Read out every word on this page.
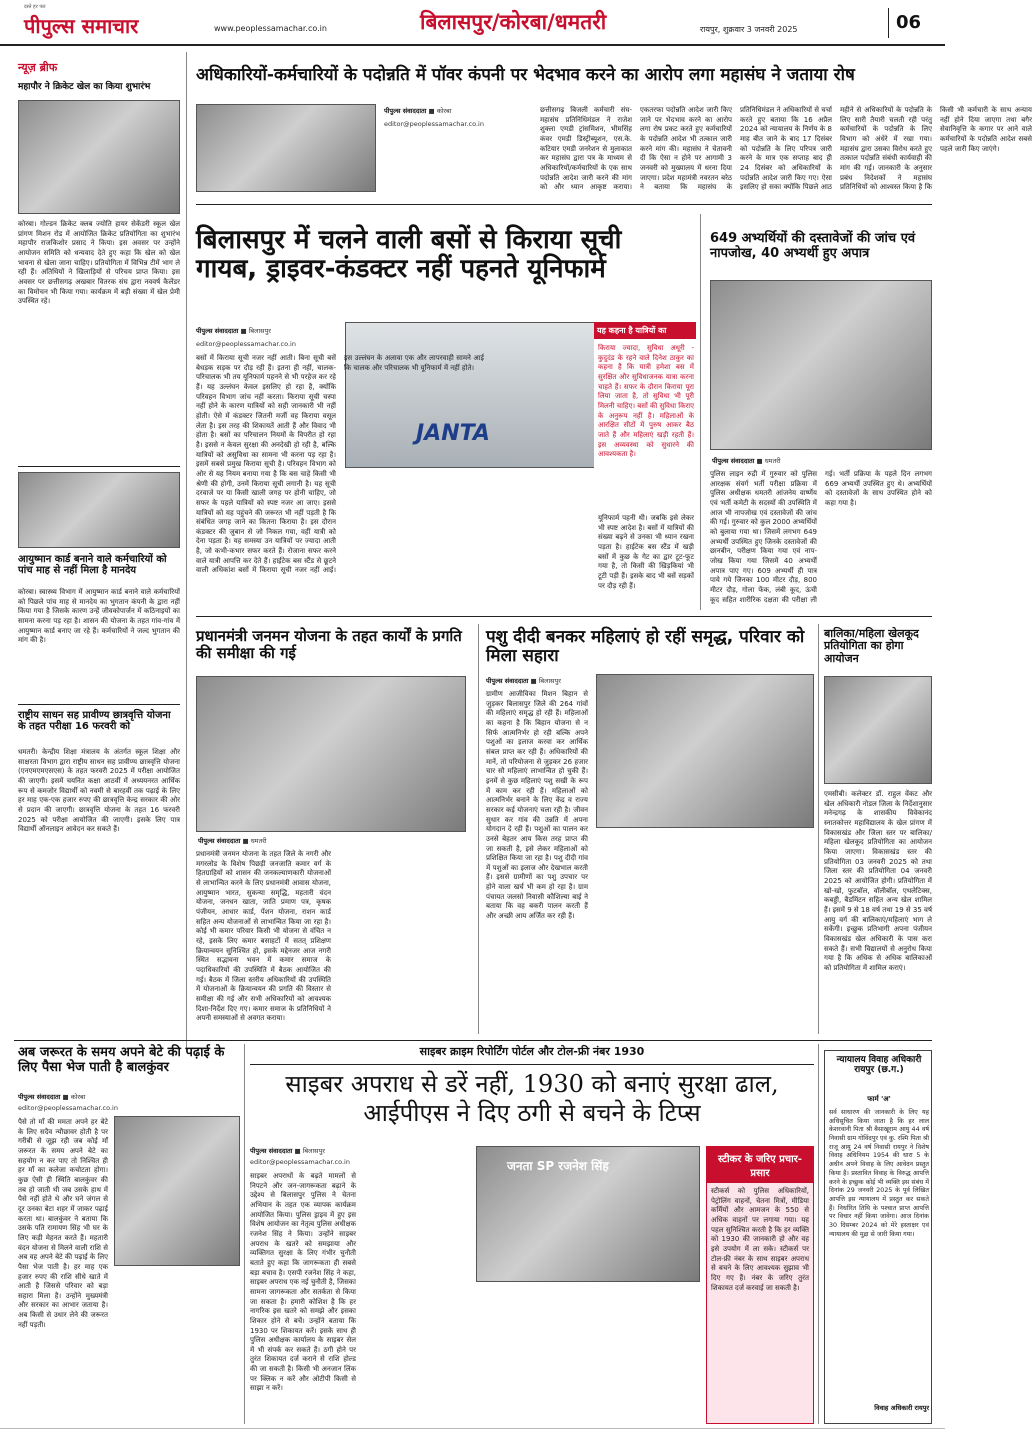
दस्ते हर पल
पीपुल्स समाचार	www.peoplessamachar.co.in	बिलासपुर/कोरबा/धमतरी	रायपुर, शुक्रवार 3 जनवरी 2025	06
न्यूज़ ब्रीफ
महापौर ने क्रिकेट खेल का किया शुभारंभ
कोरबा। गोल्डन क्रिकेट क्लब ज्योति हायर सेकेंडरी स्कूल खेल प्रांगण मिशन रोड में आयोजित क्रिकेट प्रतियोगिता का शुभारंभ महापौर राजकिशोर प्रसाद ने किया। इस अवसर पर उन्होंने आयोजन समिति को धन्यवाद देते हुए कहा कि खेल को खेल भावना से खेला जाना चाहिए। प्रतियोगिता में विभिन्न टीमें भाग ले रही हैं। अतिथियों ने खिलाड़ियों से परिचय प्राप्त किया। इस अवसर पर छत्तीसगढ़ अखबार वितरक संघ द्वारा नववर्ष कैलेंडर का विमोचन भी किया गया। कार्यक्रम में बड़ी संख्या में खेल प्रेमी उपस्थित रहे।
आयुष्मान कार्ड बनाने वाले कर्मचारियों को पांच माह से नहीं मिला है मानदेय
कोरबा। स्वास्थ्य विभाग में आयुष्मान कार्ड बनाने वाले कर्मचारियों को पिछले पांच माह से मानदेय का भुगतान कंपनी के द्वारा नहीं किया गया है जिसके कारण उन्हें जीवकोपार्जन में कठिनाइयों का सामना करना पड़ रहा है। शासन की योजना के तहत गांव-गांव में आयुष्मान कार्ड बनाए जा रहे हैं। कर्मचारियों ने जल्द भुगतान की मांग की है।
राष्ट्रीय साधन सह प्रावीण्य छात्रवृत्ति योजना के तहत परीक्षा 16 फरवरी को
धमतरी। केन्द्रीय शिक्षा मंत्रालय के अंतर्गत स्कूल शिक्षा और साक्षरता विभाग द्वारा राष्ट्रीय साधन सह प्रावीण्य छात्रवृत्ति योजना (एनएमएमएसएस) के तहत फरवरी 2025 में परीक्षा आयोजित की जाएगी। इसमें चयनित कक्षा आठवीं में अध्ययनरत आर्थिक रूप से कमजोर विद्यार्थी को नवमी से बारहवीं तक पढ़ाई के लिए हर माह एक-एक हजार रुपए की छात्रवृत्ति केन्द्र सरकार की ओर से प्रदान की जाएगी। छात्रवृत्ति योजना के तहत 16 फरवरी 2025 को परीक्षा आयोजित की जाएगी। इसके लिए पात्र विद्यार्थी ऑनलाइन आवेदन कर सकते हैं।
अधिकारियों-कर्मचारियों के पदोन्नति में पॉवर कंपनी पर भेदभाव करने का आरोप लगा महासंघ ने जताया रोष
पीपुल्स संवाददाता ■ कोरबा
editor@peoplessamachar.co.in
छत्तीसगढ़ बिजली कर्मचारी संघ-महासंघ प्रतिनिधिमंडल ने राजेश शुक्ला एमडी ट्रांसमिशन, भीमसिंह कंवर एमडी डिस्ट्रीब्यूशन, एस.के. कटियार एमडी जनरेशन से मुलाकात कर महासंघ द्वारा पत्र के माध्यम से अधिकारियों/कर्मचारियों के एक साथ पदोन्नति आदेश जारी करने की मांग को और ध्यान आकृष्ट कराया। एकतरफा पदोन्नति आदेश जारी किए जाने पर भेदभाव करने का आरोप लगा रोष प्रकट करते हुए कर्मचारियों के पदोन्नति आदेश भी तत्काल जारी करने मांग की। महासंघ ने चेतावनी दी कि ऐसा न होने पर आगामी 3 जनवरी को मुख्यालय में धरना दिया जाएगा। प्रदेश महामंत्री नवरतन बरेठ ने बताया कि महासंघ के प्रतिनिधिमंडल ने अधिकारियों से चर्चा करते हुए बताया कि 16 अप्रैल 2024 को न्यायालय के निर्णय के 8 माह बीत जाने के बाद 17 दिसंबर को पदोन्नति के लिए परिपत्र जारी करने के मात्र एक सप्ताह बाद ही 24 दिसंबर को अधिकारियों के पदोन्नति आदेश जारी किए गए। ऐसा इसलिए हो सका क्योंकि पिछले आठ महीने से अधिकारियों के पदोन्नति के लिए सारी तैयारी चलती रही परंतु कर्मचारियों के पदोन्नति के लिए विभाग को अंधेरे में रखा गया। महासंघ द्वारा उसका विरोध करते हुए तत्काल पदोन्नति संबंधी कार्यवाही की मांग की गई। जानकारी के अनुसार प्रबंध निदेशकों ने महासंघ प्रतिनिधियों को आश्वस्त किया है कि किसी भी कर्मचारी के साथ अन्याय नहीं होने दिया जाएगा तथा बगैर सेवानिवृत्ति के कगार पर आने वाले कर्मचारियों के पदोन्नति आदेश सबसे पहले जारी किए जाएंगे।
बिलासपुर में चलने वाली बसों से किराया सूची गायब, ड्राइवर-कंडक्टर नहीं पहनते यूनिफार्म
पीपुल्स संवाददाता ■ बिलासपुर
editor@peoplessamachar.co.in
JANTA
बसों में किराया सूची नजर नहीं आती। बिना सूची बसें बेधड़क सड़क पर दौड़ रही हैं। इतना ही नहीं, चालक-परिचालक भी तय यूनिफार्म पहनने से भी परहेज कर रहे हैं। यह उल्लंघन केवल इसलिए हो रहा है, क्योंकि परिवहन विभाग जांच नहीं करता। किराया सूची चस्पा नहीं होने के कारण यात्रियों को सही जानकारी भी नहीं होती। ऐसे में कंडक्टर जितनी मर्जी वह किराया वसूल लेता है। इस तरह की शिकायतें आती हैं और विवाद भी होता है। बसों का परिचालन नियमों के विपरीत हो रहा है। इससे न केवल सुरक्षा की अनदेखी हो रही है, बल्कि यात्रियों को असुविधा का सामना भी करना पड़ रहा है। इसमें सबसे प्रमुख किराया सूची है। परिवहन विभाग को ओर से यह नियम बनाया गया है कि बस चाहे किसी भी श्रेणी की होगी, उनमें किराया सूची लगानी है। यह सूची दरवाजे पर या किसी खाली जगह पर होनी चाहिए, जो सफर के पहले यात्रियों को स्पष्ट नजर आ जाए। इससे यात्रियों को यह पहुंचने की जरूरत भी नहीं पड़ती है कि संबंधित जगह जाने का कितना किराया है। इस दौरान कंडक्टर की जुबान से जो निकल गया, वहीं यात्री को देना पड़ता है। यह समस्या उन यात्रियों पर ज्यादा आती है, जो कभी-कभार सफर करते हैं। रोजाना सफर करने वाले यात्री आपत्ति कर देते हैं। हाईटेक बस स्टैंड से छूटने वाली अधिकांश बसों में किराया सूची नजर नहीं आई।
यह कहना है यात्रियों का
किराया ज्यादा, सुविधा अधूरी - कुदुदंड के रहने वाले दिनेश ठाकुर का कहना है कि यात्री हमेशा बस में सुरक्षित और सुविधाजनक यात्रा करना चाहते हैं। सफर के दौरान किराया पूरा लिया जाता है, तो सुविधा भी पूरी मिलनी चाहिए। बसों की सुविधा किराए के अनुरूप नहीं है। महिलाओं के आरक्षित सीटों में पुरुष आकर बैठ जाते हैं और महिलाएं खड़ी रहती हैं। इस अव्यवस्था को सुधारने की आवश्यकता है।
यूनिफार्म पहनी थी। जबकि इसे लेकर भी स्पष्ट आदेश है। बसों में यात्रियों की संख्या बढ़ने से उनका भी ध्यान रखना पड़ता है। हाईटेक बस स्टैंड में खड़ी बसों में कुछ के गेट का द्वार टूट-फूट गया है, तो किसी की खिड़कियां भी टूटी पड़ी हैं। इसके बाद भी बसें सड़कों पर दौड़ रही हैं।
649 अभ्यर्थियों की दस्तावेजों की जांच एवं नापजोख, 40 अभ्यर्थी हुए अपात्र
पीपुल्स संवाददाता ■ धमतरी
पुलिस लाइन रुद्री में गुरुवार को पुलिस आरक्षक संवर्ग भर्ती परीक्षा प्रक्रिया में पुलिस अधीक्षक धमतरी आंजनेय वार्ष्णेय एवं भर्ती कमेटी के सदस्यों की उपस्थिति में आज भी नापजोख एवं दस्तावेजों की जांच की गई। गुरुवार को कुल 2000 अभ्यर्थियों को बुलाया गया था। जिसमें लगभग 649 अभ्यर्थी उपस्थित हुए जिनके दस्तावेजों की छानबीन, परीक्षण किया गया एवं नाप-जोख किया गया जिसमें 40 अभ्यर्थी अपात्र पाए गए। 609 अभ्यर्थी ही पात्र पाये गये जिनका 100 मीटर दौड़, 800 मीटर दौड़, गोला फेंक, लंबी कूद, ऊंची कूद सहित शारीरिक दक्षता की परीक्षा ली गई। भर्ती प्रक्रिया के पहले दिन लगभग 669 अभ्यर्थी उपस्थित हुए थे। अभ्यर्थियों को दस्तावेजों के साथ उपस्थित होने को कहा गया है।
प्रधानमंत्री जनमन योजना के तहत कार्यों के प्रगति की समीक्षा की गई
पीपुल्स संवाददाता ■ धमतरी
प्रधानमंत्री जनमन योजना के तहत जिले के नगरी और मगरलोड के विशेष पिछड़ी जनजाति कमार वर्ग के हितग्राहियों को शासन की जनकल्याणकारी योजनाओं से लाभान्वित करने के लिए प्रधानमंत्री आवास योजना, आयुष्मान भारत, सुकन्या समृद्धि, महतारी वंदन योजना, जनधन खाता, जाति प्रमाण पत्र, कृषक पंजीयन, आधार कार्ड, पेंशन योजना, राशन कार्ड सहित अन्य योजनाओं से लाभान्वित किया जा रहा है। कोई भी कमार परिवार किसी भी योजना से वंचित न रहे, इसके लिए कमार बसाहटों में सतत् प्रशिक्षण क्रियान्वयन सुनिश्चित हो, इसके मद्देनजर आज नगरी स्थित सद्भावना भवन में कमार समाज के पदाधिकारियों की उपस्थिति में बैठक आयोजित की गई। बैठक में जिला स्तरीय अधिकारियों की उपस्थिति में योजनाओं के क्रियान्वयन की प्रगति की विस्तार से समीक्षा की गई और सभी अधिकारियों को आवश्यक दिशा-निर्देश दिए गए। कमार समाज के प्रतिनिधियों ने अपनी समस्याओं से अवगत कराया।
पशु दीदी बनकर महिलाएं हो रहीं समृद्ध, परिवार को मिला सहारा
पीपुल्स संवाददाता ■ बिलासपुर
ग्रामीण आजीविका मिशन बिहान से जुड़कर बिलासपुर जिले की 264 गांवों की महिलाएं समृद्ध हो रही हैं। महिलाओं का कहना है कि बिहान योजना से न सिर्फ आत्मनिर्भर हो रही बल्कि अपने पशुओं का इलाज करवा कर आर्थिक संबल प्राप्त कर रही हैं। अधिकारियों की मानें, तो परियोजना से जुड़कर 26 हजार चार सौ महिलाएं लाभान्वित हो चुकी हैं। इनमें से कुछ महिलाएं पशु सखी के रूप में काम कर रही हैं। महिलाओं को आत्मनिर्भर बनाने के लिए केंद्र व राज्य सरकार कई योजनाएं चला रही है। जीवन सुधार कर गांव की उन्नति में अपना योगदान दे रही हैं। पशुओं का पालन कर उनसे बेहतर आय किस तरह प्राप्त की जा सकती है, इसे लेकर महिलाओं को प्रशिक्षित किया जा रहा है। पशु दीदी गांव में पशुओं का इलाज और देखभाल करती हैं। इससे ग्रामीणों का पशु उपचार पर होने वाला खर्च भी कम हो रहा है। ग्राम पंचायत जलसो निवासी कौशिल्या बाई ने बताया कि वह बकरी पालन करती हैं और अच्छी आय अर्जित कर रही हैं।
बालिका/महिला खेलकूद प्रतियोगिता का होगा आयोजन
एमसीबी। कलेक्टर डॉ. राहुल वेंकट और खेल अधिकारी नोडल जिला के निर्देशानुसार मनेन्द्रगढ़ के शासकीय विवेकानंद स्नातकोत्तर महाविद्यालय के खेल प्रांगण में विकासखंड और जिला स्तर पर बालिका/महिला खेलकूद प्रतियोगिता का आयोजन किया जाएगा। विकासखंड स्तर की प्रतियोगिता 03 जनवरी 2025 को तथा जिला स्तर की प्रतियोगिता 04 जनवरी 2025 को आयोजित होगी। प्रतियोगिता में खो-खो, फुटबॉल, वॉलीबॉल, एथलेटिक्स, कबड्डी, बैडमिंटन सहित अन्य खेल शामिल हैं। इसमें 9 से 18 वर्ष तथा 19 से 35 वर्ष आयु वर्ग की बालिकाएं/महिलाएं भाग ले सकेंगी। इच्छुक प्रतिभागी अपना पंजीयन विकासखंड खेल अधिकारी के पास करा सकते हैं। सभी विद्यालयों से अनुरोध किया गया है कि अधिक से अधिक बालिकाओं को प्रतियोगिता में शामिल कराएं।
अब जरूरत के समय अपने बेटे की पढ़ाई के लिए पैसा भेज पाती है बालकुंवर
पीपुल्स संवाददाता ■ कोरबा
editor@peoplessamachar.co.in
पैसे तो माँ की ममता अपने हर बेटे के लिए सदैव न्यौछावर होती है पर गरीबी से जूझ रही जब कोई माँ जरूरत के समय अपने बेटे का सहयोग न कर पाए तो निश्चित ही हर माँ का कलेजा कचोटता होगा। कुछ ऐसी ही स्थिति बालकुंवर की तब हो जाती थी जब उसके हाथ में पैसे नहीं होते थे और घने जंगल से दूर उनका बेटा शहर में जाकर पढ़ाई करता था। बालकुंवर ने बताया कि उसके पति रामायण सिंह भी घर के लिए कड़ी मेहनत करते हैं। महतारी वंदन योजना से मिलने वाली राशि से अब वह अपने बेटे की पढ़ाई के लिए पैसा भेज पाती है। हर माह एक हजार रुपए की राशि सीधे खाते में आती है जिससे परिवार को बड़ा सहारा मिला है। उन्होंने मुख्यमंत्री और सरकार का आभार जताया है। अब किसी से उधार लेने की जरूरत नहीं पड़ती।
साइबर क्राइम रिपोर्टिंग पोर्टल और टोल-फ्री नंबर 1930
साइबर अपराध से डरें नहीं, 1930 को बनाएं सुरक्षा ढाल, आईपीएस ने दिए ठगी से बचने के टिप्स
पीपुल्स संवाददाता ■ बिलासपुर
editor@peoplessamachar.co.in	जनता SP रजनेश सिंह
साइबर अपराधों के बढ़ते मामलों से निपटने और जन-जागरूकता बढ़ाने के उद्देश्य से बिलासपुर पुलिस ने चेतना अभियान के तहत एक व्यापक कार्यक्रम आयोजित किया। पुलिस ड्राइव में हुए इस विशेष आयोजन का नेतृत्व पुलिस अधीक्षक रजनेश सिंह ने किया। उन्होंने साइबर अपराध के खतरे को समझाया और व्यक्तिगत सुरक्षा के लिए गंभीर चुनौती बताते हुए कहा कि जागरूकता ही सबसे बड़ा बचाव है। एसपी रजनेश सिंह ने कहा, साइबर अपराध एक नई चुनौती है, जिसका सामना जागरूकता और सतर्कता से किया जा सकता है। हमारी कोशिश है कि हर नागरिक इस खतरे को समझे और इसका शिकार होने से बचें। उन्होंने बताया कि 1930 पर शिकायत करें। इसके साथ ही पुलिस अधीक्षक कार्यालय के साइबर सेल में भी संपर्क कर सकते हैं। ठगी होने पर तुरंत शिकायत दर्ज कराने से राशि होल्ड की जा सकती है। किसी भी अनजान लिंक पर क्लिक न करें और ओटीपी किसी से साझा न करें।
स्टीकर के जरिए प्रचार-प्रसार
स्टीकर्स को पुलिस अधिकारियों, पेट्रोलिंग वाहनों, चेतना मित्रों, मीडिया कर्मियों और आमजन के 550 से अधिक वाहनों पर लगाया गया। यह पहल सुनिश्चित करती है कि हर व्यक्ति को 1930 की जानकारी हो और वह इसे उपयोग में ला सके। स्टीकर्स पर टोल-फ्री नंबर के साथ साइबर अपराध से बचने के लिए आवश्यक सुझाव भी दिए गए हैं। नंबर के जरिए तुरंत शिकायत दर्ज करवाई जा सकती है।
न्यायालय विवाह अधिकारी रायपुर (छ.ग.)
फार्म 'अ'
सर्व साधारण की जानकारी के लिए यह अधिसूचित किया जाता है कि हर लाल केशरवानी पिता श्री बैसाखूराम आयु 44 वर्ष निवासी ग्राम गोविंदपुर एवं कु. रश्मि पिता श्री राजू आयु 24 वर्ष निवासी रायपुर ने विशेष विवाह अधिनियम 1954 की धारा 5 के अधीन अपने विवाह के लिए आवेदन प्रस्तुत किया है। प्रस्तावित विवाह के विरुद्ध आपत्ति करने के इच्छुक कोई भी व्यक्ति इस संबंध में दिनांक 29 जनवरी 2025 के पूर्व लिखित आपत्ति इस न्यायालय में प्रस्तुत कर सकते हैं। निर्धारित तिथि के पश्चात प्राप्त आपत्ति पर विचार नहीं किया जावेगा। आज दिनांक 30 दिसम्बर 2024 को मेरे हस्ताक्षर एवं न्यायालय की मुद्रा से जारी किया गया।
विवाह अधिकारी रायपुर
